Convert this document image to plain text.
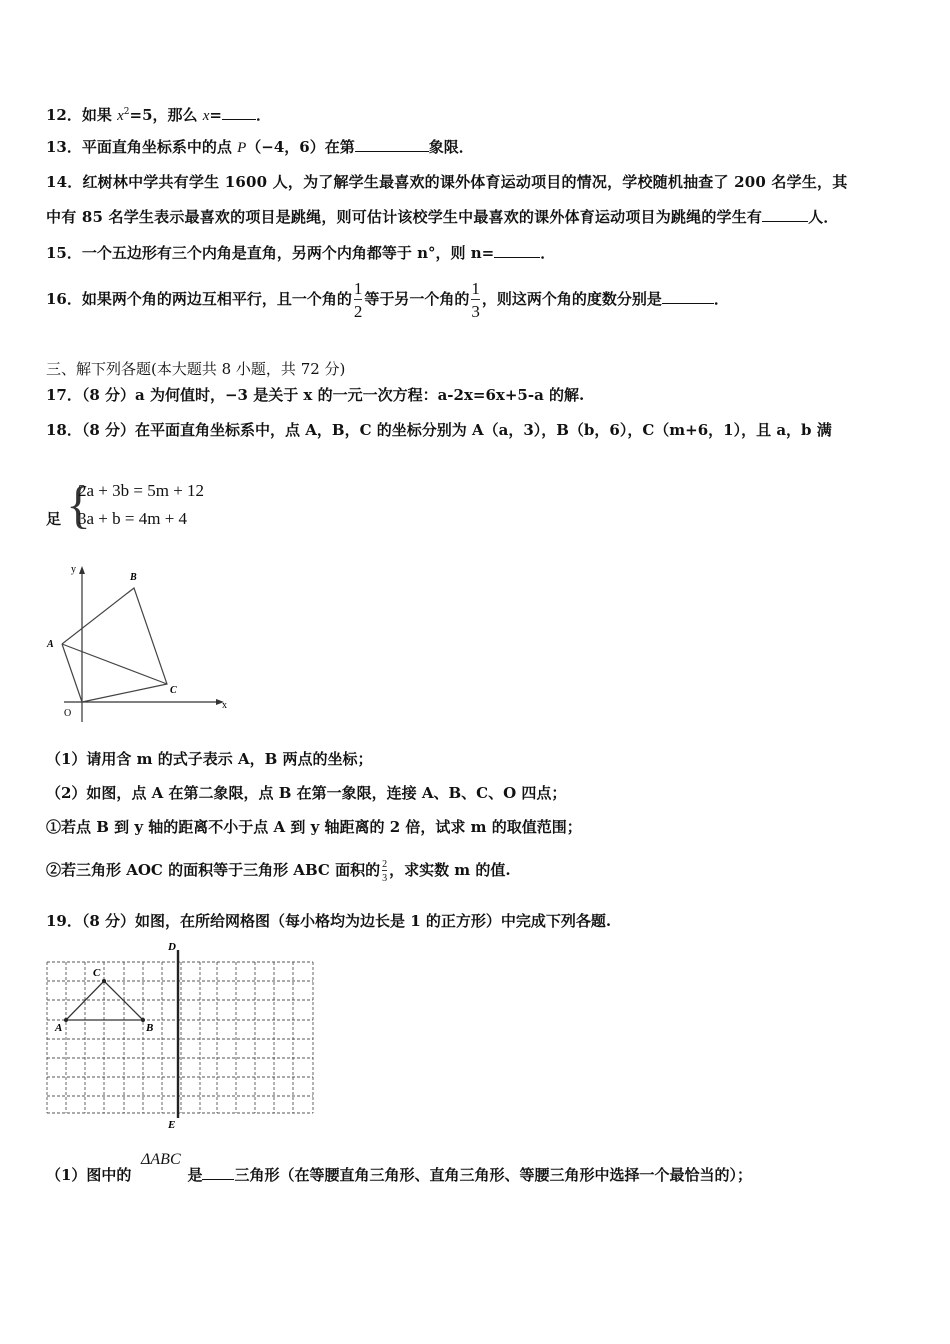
12．如果 $x^2=5$，那么 x= ．
13．平面直角坐标系中的点 P（−4，6）在第	象限．
14．红树林中学共有学生 1600 人，为了解学生最喜欢的课外体育运动项目的情况，学校随机抽查了 200 名学生，其
中有 85 名学生表示最喜欢的项目是跳绳，则可估计该校学生中最喜欢的课外体育运动项目为跳绳的学生有	人．
15．一个五边形有三个内角是直角，另两个内角都等于 n°，则 n=	．
16．如果两个角的两边互相平行，且一个角的 $\frac{1}{2}$ 等于另一个角的 $\frac{1}{3}$ ，则这两个角的度数分别是	．
三、解下列各题(本大题共 8 小题，共 72 分)
17．（8 分）a 为何值时，−3 是关于 x 的一元一次方程：a-2x=6x+5-a 的解.
18．（8 分）在平面直角坐标系中，点 A，B，C 的坐标分别为 A（a，3），B（b，6），C（m+6，1），且 a，b 满
足 {
2a + 3b = 5m + 12
3a + b = 4m + 4
y
x
O
A
B
C
（1）请用含 m 的式子表示 A，B 两点的坐标；
（2）如图，点 A 在第二象限，点 B 在第一象限，连接 A、B、C、O 四点；
①若点 B 到 y 轴的距离不小于点 A 到 y 轴距离的 2 倍，试求 m 的取值范围；
②若三角形 AOC 的面积等于三角形 ABC 面积的 $\frac{2}{3}$ ，求实数 m 的值.
19．（8 分）如图，在所给网格图（每小格均为边长是 1 的正方形）中完成下列各题.
D
E
A	B
C
（1）图中的	是 三角形（在等腰直角三角形、直角三角形、等腰三角形中选择一个最恰当的）；
ΔABC
